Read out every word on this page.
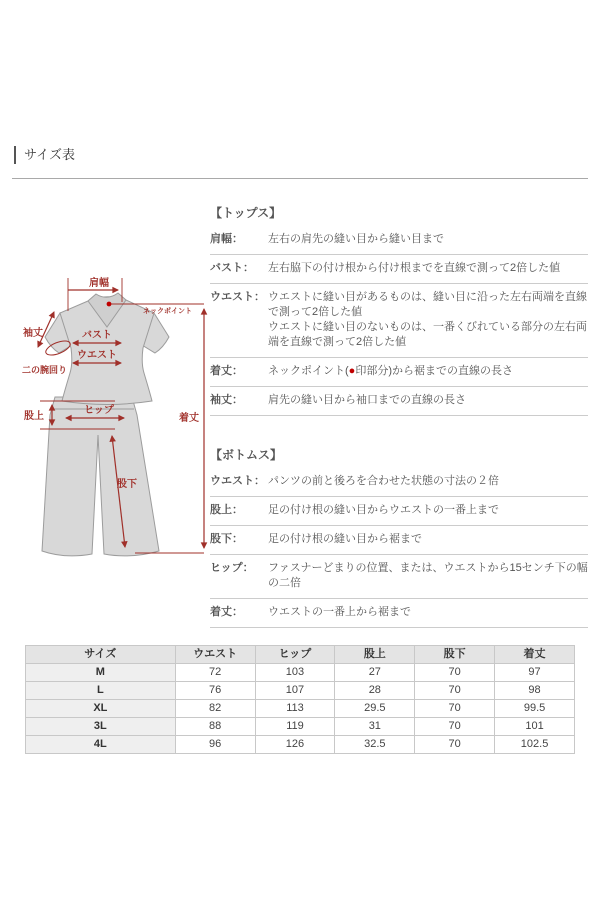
サイズ表
肩幅
ネックポイント
袖丈	バスト
ウエスト
二の腕回り
着丈
股上
ヒップ
股下
【トップス】
肩幅：	左右の肩先の縫い目から縫い目まで
バスト：	左右脇下の付け根から付け根までを直線で測って2倍した値
ウエスト： ウエストに縫い目があるものは、縫い目に沿った左右両端を直線で測って2倍した値
ウエストに縫い目のないものは、一番くびれている部分の左右両端を直線で測って2倍した値
着丈：	ネックポイント(●印部分)から裾までの直線の長さ
袖丈：	肩先の縫い目から袖口までの直線の長さ
【ボトムス】
ウエスト： パンツの前と後ろを合わせた状態の寸法の２倍
股上：	足の付け根の縫い目からウエストの一番上まで
股下：	足の付け根の縫い目から裾まで
ヒップ：	ファスナーどまりの位置、または、ウエストから15センチ下の幅の二倍
着丈：	ウエストの一番上から裾まで
サイズ	ウエスト	ヒップ	股上	股下	着丈
M	72	103	27	70	97
L	76	107	28	70	98
XL	82	113	29.5	70	99.5
3L	88	119	31	70	101
4L	96	126	32.5	70	102.5
